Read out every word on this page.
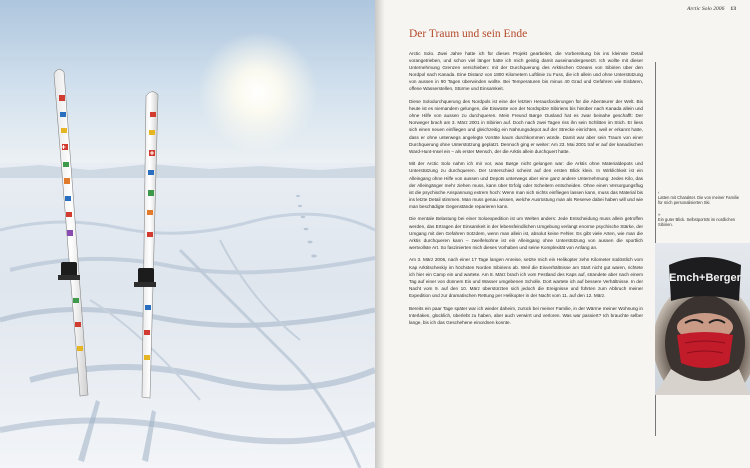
Arctic Solo 2006 13
Der Traum und sein Ende

Arctic Solo. Zwei Jahre hatte ich für dieses Projekt gearbeitet, die Vorbereitung bis ins kleinste Detail vorangetrieben, und schon viel länger hatte ich mich geistig damit auseinandergesetzt. Ich wollte mit dieser Unternehmung Grenzen verschieben: mit der Durchquerung des Arktischen Ozeans von Sibirien über den Nordpol nach Kanada. Eine Distanz von 1800 Kilometern Luftlinie zu Fuss, die ich allein und ohne Unterstützung von aussen in 90 Tagen überwinden wollte. Bei Temperaturen bis minus 40 Grad und Gefahren wie Eisbären, offene Wasserstellen, Stürme und Einsamkeit.

Diese Solodurchquerung des Nordpols ist eine der letzten Herausforderungen für die Abenteurer der Welt. Bis heute ist es niemandem gelungen, die Eiswüste von der Nordspitze Sibiriens bis hinüber nach Kanada allein und ohne Hilfe von aussen zu durchqueren. Mein Freund Børge Ousland hat es zwar beinahe geschafft: Der Norweger brach am 3. März 2001 in Sibirien auf. Doch nach zwei Tagen riss ihn sein Schlitten im Stich. Er liess sich einen neuen einfliegen und gleichzeitig ein Nahrungsdepot auf der Strecke einrichten, weil er erkannt hatte, dass er ohne unterwegs angelegte Vorräte kaum durchkommen würde. Damit war aber sein Traum von einer Durchquerung ohne Unterstützung geplatzt. Dennoch ging er weiter: Am 23. Mai 2001 traf er auf der kanadischen Ward-Hunt-Insel ein – als erster Mensch, der die Arktis allein durchquert hatte.

Mit der Arctic Solo nahm ich mir vor, was Børge nicht gelungen war: die Arktis ohne Materialdepots und Unterstützung zu durchqueren. Der Unterschied scheint auf den ersten Blick klein. In Wirklichkeit ist ein Alleingang ohne Hilfe von aussen und Depots unterwegs aber eine ganz andere Unternehmung: Jedes Kilo, das der Alleingänger mehr ziehen muss, kann über Erfolg oder Scheitern entscheiden. Ohne einen Versorgungsflug ist die psychische Anspannung extrem hoch: Wenn man sich nichts einfliegen lassen kann, muss das Material bis ins letzte Detail stimmen. Man muss genau wissen, welche Ausrüstung man als Reserve dabei haben will und wie man beschädigte Gegenstände reparieren kann.

Die mentale Belastung bei einer Soloexpedition ist um Welten anders: Jede Entscheidung muss allein getroffen werden, das Ertragen der Einsamkeit in der lebensfeindlichen Umgebung verlangt enorme psychische Stärke, der Umgang mit den Gefahren trotzdem, wenn man allein ist, absolut keine Fehler. Es gibt viele Arten, wie man die Arktis durchqueren kann – zweifelsohne ist ein Alleingang ohne Unterstützung von aussen die sportlich wertvollste Art. So faszinierten mich dieses Vorhaben und seine Komplexität von Anfang an.

Am 3. März 2006, nach einer 17 Tage langen Anreise, setzte mich ein Helikopter zehn Kilometer südöstlich vom Kap Arktitscheskiy im höchsten Norden Sibiriens ab. Weil die Eisverhältnisse am Start nicht gut waren, richtete ich hier ein Camp ein und wartete. Am 8. März brach ich vom Festland des Kaps auf, strandete aber nach einem Tag auf einer von dünnem Eis und Wasser umgebenen Scholle. Dort wartete ich auf bessere Verhältnisse. In der Nacht vom 9. auf den 10. März überstürzten sich jedoch die Ereignisse und führten zum Abbruch meiner Expedition und zur dramatischen Rettung per Helikopter in der Nacht vom 11. auf den 12. März.

Bereits ein paar Tage später war ich wieder daheim, zurück bei meiner Familie, in der Wärme meiner Wohnung in Interlaken, glücklich, überlebt zu haben, aber auch verwirrt und verloren. Was war passiert? Ich brauchte selber lange, bis ich das Geschehene einordnen konnte.

‹
Latten mit Charakter. Die von meiner Familie für mich personalisierten Ski.
»
Ein guter Blick. Selbstporträt im nordlichen Sibirien.
Emch+Berger
